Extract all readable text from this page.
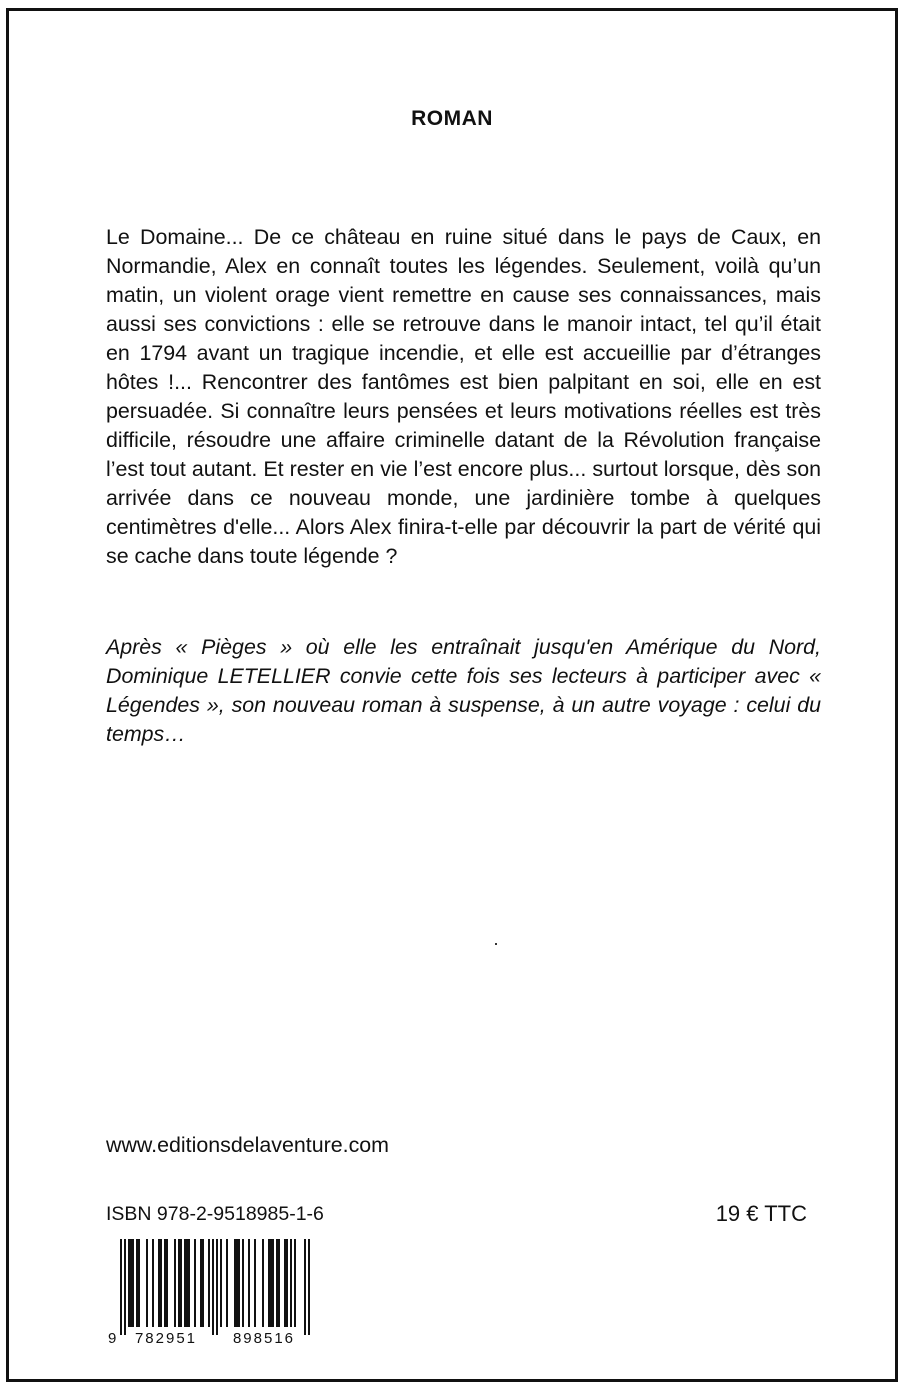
ROMAN

Le Domaine... De ce château en ruine situé dans le pays de Caux, en Normandie, Alex en connaît toutes les légendes. Seulement, voilà qu’un matin, un violent orage vient remettre en cause ses connaissances, mais aussi ses convictions : elle se retrouve dans le manoir intact, tel qu’il était en 1794 avant un tragique incendie, et elle est accueillie par d’étranges hôtes !... Rencontrer des fantômes est bien palpitant en soi, elle en est persuadée. Si connaître leurs pensées et leurs motivations réelles est très difficile, résoudre une affaire criminelle datant de la Révolution française l’est tout autant. Et rester en vie l’est encore plus... surtout lorsque, dès son arrivée dans ce nouveau monde, une jardinière tombe à quelques centimètres d'elle... Alors Alex finira-t-elle par découvrir la part de vérité qui se cache dans toute légende ?

Après « Pièges » où elle les entraînait jusqu'en Amérique du Nord, Dominique LETELLIER convie cette fois ses lecteurs à participer avec « Légendes », son nouveau roman à suspense, à un autre voyage : celui du temps…

www.editionsdelaventure.com
ISBN 978-2-9518985-1-6	19 € TTC
9 782951 898516
